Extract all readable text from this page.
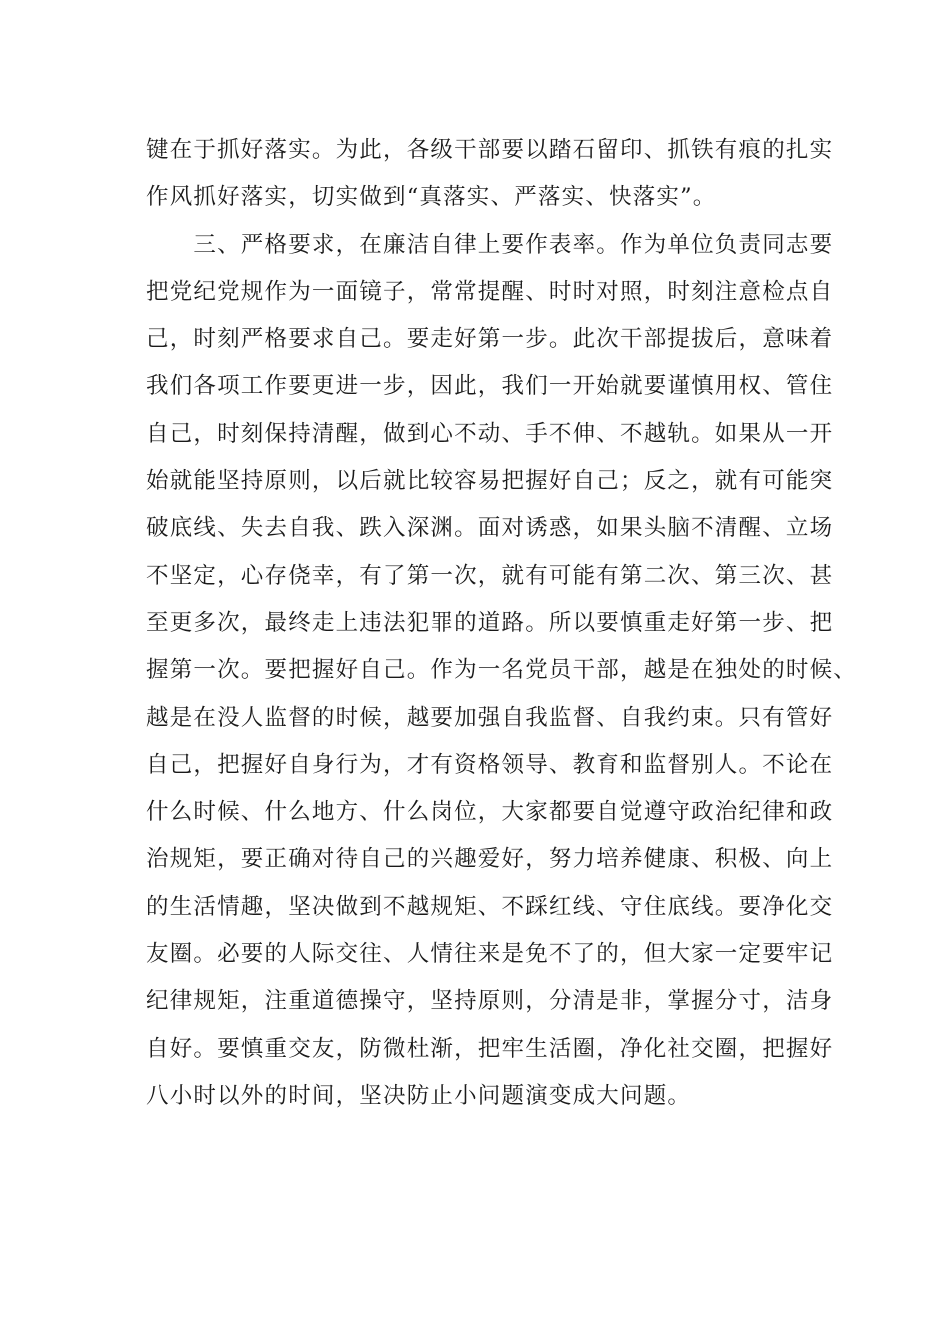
键在于抓好落实。为此，各级干部要以踏石留印、抓铁有痕的扎实
作风抓好落实，切实做到“真落实、严落实、快落实”。
　　三、严格要求，在廉洁自律上要作表率。作为单位负责同志要
把党纪党规作为一面镜子，常常提醒、时时对照，时刻注意检点自
己，时刻严格要求自己。要走好第一步。此次干部提拔后，意味着
我们各项工作要更进一步，因此，我们一开始就要谨慎用权、管住
自己，时刻保持清醒，做到心不动、手不伸、不越轨。如果从一开
始就能坚持原则，以后就比较容易把握好自己；反之，就有可能突
破底线、失去自我、跌入深渊。面对诱惑，如果头脑不清醒、立场
不坚定，心存侥幸，有了第一次，就有可能有第二次、第三次、甚
至更多次，最终走上违法犯罪的道路。所以要慎重走好第一步、把
握第一次。要把握好自己。作为一名党员干部，越是在独处的时候、
越是在没人监督的时候，越要加强自我监督、自我约束。只有管好
自己，把握好自身行为，才有资格领导、教育和监督别人。不论在
什么时候、什么地方、什么岗位，大家都要自觉遵守政治纪律和政
治规矩，要正确对待自己的兴趣爱好，努力培养健康、积极、向上
的生活情趣，坚决做到不越规矩、不踩红线、守住底线。要净化交
友圈。必要的人际交往、人情往来是免不了的，但大家一定要牢记
纪律规矩，注重道德操守，坚持原则，分清是非，掌握分寸，洁身
自好。要慎重交友，防微杜渐，把牢生活圈，净化社交圈，把握好
八小时以外的时间，坚决防止小问题演变成大问题。
